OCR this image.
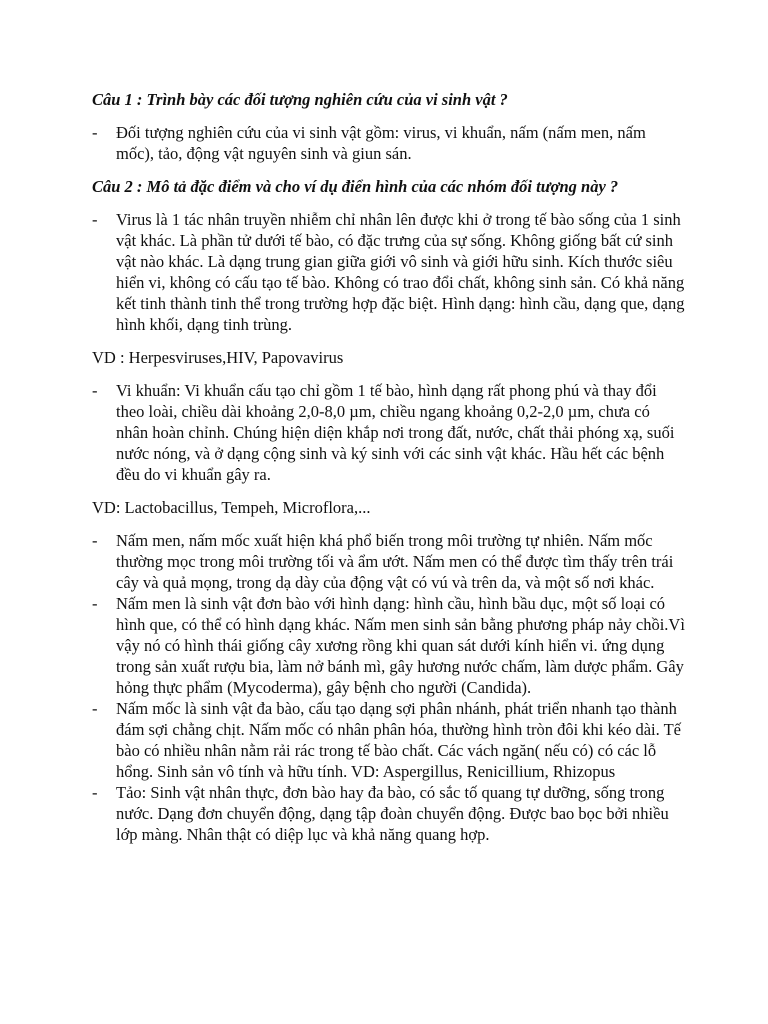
Câu 1 : Trình bày các đối tượng nghiên cứu của vi sinh vật ?

-	Đối tượng nghiên cứu của vi sinh vật gồm: virus, vi khuẩn, nấm (nấm men, nấm mốc), tảo, động vật nguyên sinh và giun sán.

Câu 2 : Mô tả đặc điểm và cho ví dụ điển hình của các nhóm đối tượng này ?

-	Virus là 1 tác nhân truyền nhiễm chỉ nhân lên được khi ở trong tế bào sống của 1 sinh vật khác. Là phần tử dưới tế bào, có đặc trưng của sự sống. Không giống bất cứ sinh vật nào khác. Là dạng trung gian giữa giới vô sinh và giới hữu sinh. Kích thước siêu hiển vi, không có cấu tạo tế bào. Không có trao đổi chất, không sinh sản. Có khả năng kết tinh thành tinh thể trong trường hợp đặc biệt. Hình dạng: hình cầu, dạng que, dạng hình khối, dạng tinh trùng.

VD : Herpesviruses,HIV, Papovavirus

-	Vi khuẩn: Vi khuẩn cấu tạo chỉ gồm 1 tế bào, hình dạng rất phong phú và thay đổi theo loài, chiều dài khoảng 2,0-8,0 µm, chiều ngang khoảng 0,2-2,0 µm, chưa có nhân hoàn chỉnh. Chúng hiện diện khắp nơi trong đất, nước, chất thải phóng xạ, suối nước nóng, và ở dạng cộng sinh và ký sinh với các sinh vật khác. Hầu hết các bệnh đều do vi khuẩn gây ra.

VD: Lactobacillus, Tempeh, Microflora,...

-	Nấm men, nấm mốc xuất hiện khá phổ biến trong môi trường tự nhiên. Nấm mốc thường mọc trong môi trường tối và ẩm ướt. Nấm men có thể được tìm thấy trên trái cây và quả mọng, trong dạ dày của động vật có vú và trên da, và một số nơi khác.
-	Nấm men là sinh vật đơn bào với hình dạng: hình cầu, hình bầu dục, một số loại có hình que, có thể có hình dạng khác. Nấm men sinh sản bằng phương pháp nảy chồi.Vì vậy nó có hình thái giống cây xương rồng khi quan sát dưới kính hiển vi. ứng dụng trong sản xuất rượu bia, làm nở bánh mì, gây hương nước chấm, làm dược phẩm. Gây hỏng thực phẩm (Mycoderma), gây bệnh cho người (Candida).
-	Nấm mốc là sinh vật đa bào, cấu tạo dạng sợi phân nhánh, phát triển nhanh tạo thành đám sợi chằng chịt. Nấm mốc có nhân phân hóa, thường hình tròn đôi khi kéo dài. Tế bào có nhiều nhân nằm rải rác trong tế bào chất. Các vách ngăn( nếu có) có các lỗ hổng. Sinh sản vô tính và hữu tính. VD: Aspergillus, Renicillium, Rhizopus
-	Tảo: Sinh vật nhân thực, đơn bào hay đa bào, có sắc tố quang tự dưỡng, sống trong nước. Dạng đơn chuyển động, dạng tập đoàn chuyển động. Được bao bọc bởi nhiều lớp màng. Nhân thật có diệp lục và khả năng quang hợp.
